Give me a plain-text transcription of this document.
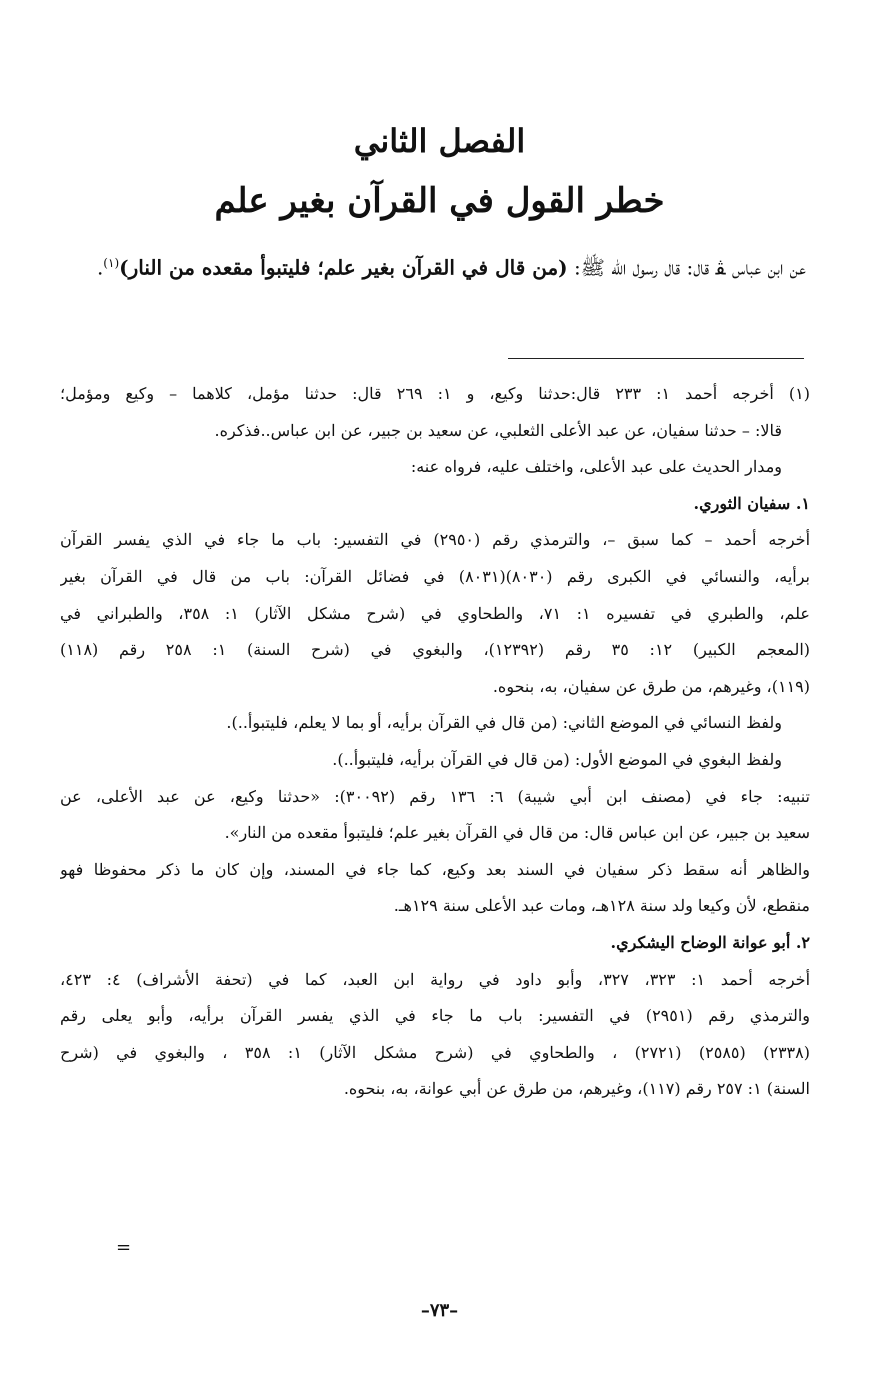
الفصل الثاني
خطر القول في القرآن بغير علم
عن ابن عباس ﭭ قال: قال رسول الله ﷺ: (من قال في القرآن بغير علم؛ فليتبوأ مقعده من النار)$^{(١)}$.

(١) أخرجه أحمد ١: ٢٣٣ قال:حدثنا وكيع، و ١: ٢٦٩ قال: حدثنا مؤمل، كلاهما – وكيع ومؤمل؛

قالا: – حدثنا سفيان، عن عبد الأعلى الثعلبي، عن سعيد بن جبير، عن ابن عباس..فذكره.

ومدار الحديث على عبد الأعلى، واختلف عليه، فرواه عنه:

١. سفيان الثوري.

أخرجه أحمد – كما سبق –، والترمذي رقم (٢٩٥٠) في التفسير: باب ما جاء في الذي يفسر القرآن

برأيه، والنسائي في الكبرى رقم (٨٠٣٠)(٨٠٣١) في فضائل القرآن: باب من قال في القرآن بغير

علم، والطبري في تفسيره ١: ٧١، والطحاوي في (شرح مشكل الآثار) ١: ٣٥٨، والطبراني في

(المعجم الكبير) ١٢: ٣٥ رقم (١٢٣٩٢)، والبغوي في (شرح السنة) ١: ٢٥٨ رقم (١١٨)

(١١٩)، وغيرهم، من طرق عن سفيان، به، بنحوه.

ولفظ النسائي في الموضع الثاني: (من قال في القرآن برأيه، أو بما لا يعلم، فليتبوأ..).

ولفظ البغوي في الموضع الأول: (من قال في القرآن برأيه، فليتبوأ..).

تنبيه: جاء في (مصنف ابن أبي شيبة) ٦: ١٣٦ رقم (٣٠٠٩٢): «حدثنا وكيع، عن عبد الأعلى، عن

سعيد بن جبير، عن ابن عباس قال: من قال في القرآن بغير علم؛ فليتبوأ مقعده من النار».

والظاهر أنه سقط ذكر سفيان في السند بعد وكيع، كما جاء في المسند، وإن كان ما ذكر محفوظا فهو

منقطع، لأن وكيعا ولد سنة ١٢٨هـ، ومات عبد الأعلى سنة ١٢٩هـ.

٢. أبو عوانة الوضاح اليشكري.

أخرجه أحمد ١: ٣٢٣، ٣٢٧، وأبو داود في رواية ابن العبد، كما في (تحفة الأشراف) ٤: ٤٢٣،

والترمذي رقم (٢٩٥١) في التفسير: باب ما جاء في الذي يفسر القرآن برأيه، وأبو يعلى رقم

(٢٣٣٨) (٢٥٨٥) (٢٧٢١) ، والطحاوي في (شرح مشكل الآثار) ١: ٣٥٨ ، والبغوي في (شرح

السنة) ١: ٢٥٧ رقم (١١٧)، وغيرهم، من طرق عن أبي عوانة، به، بنحوه.

=
–٧٣–
